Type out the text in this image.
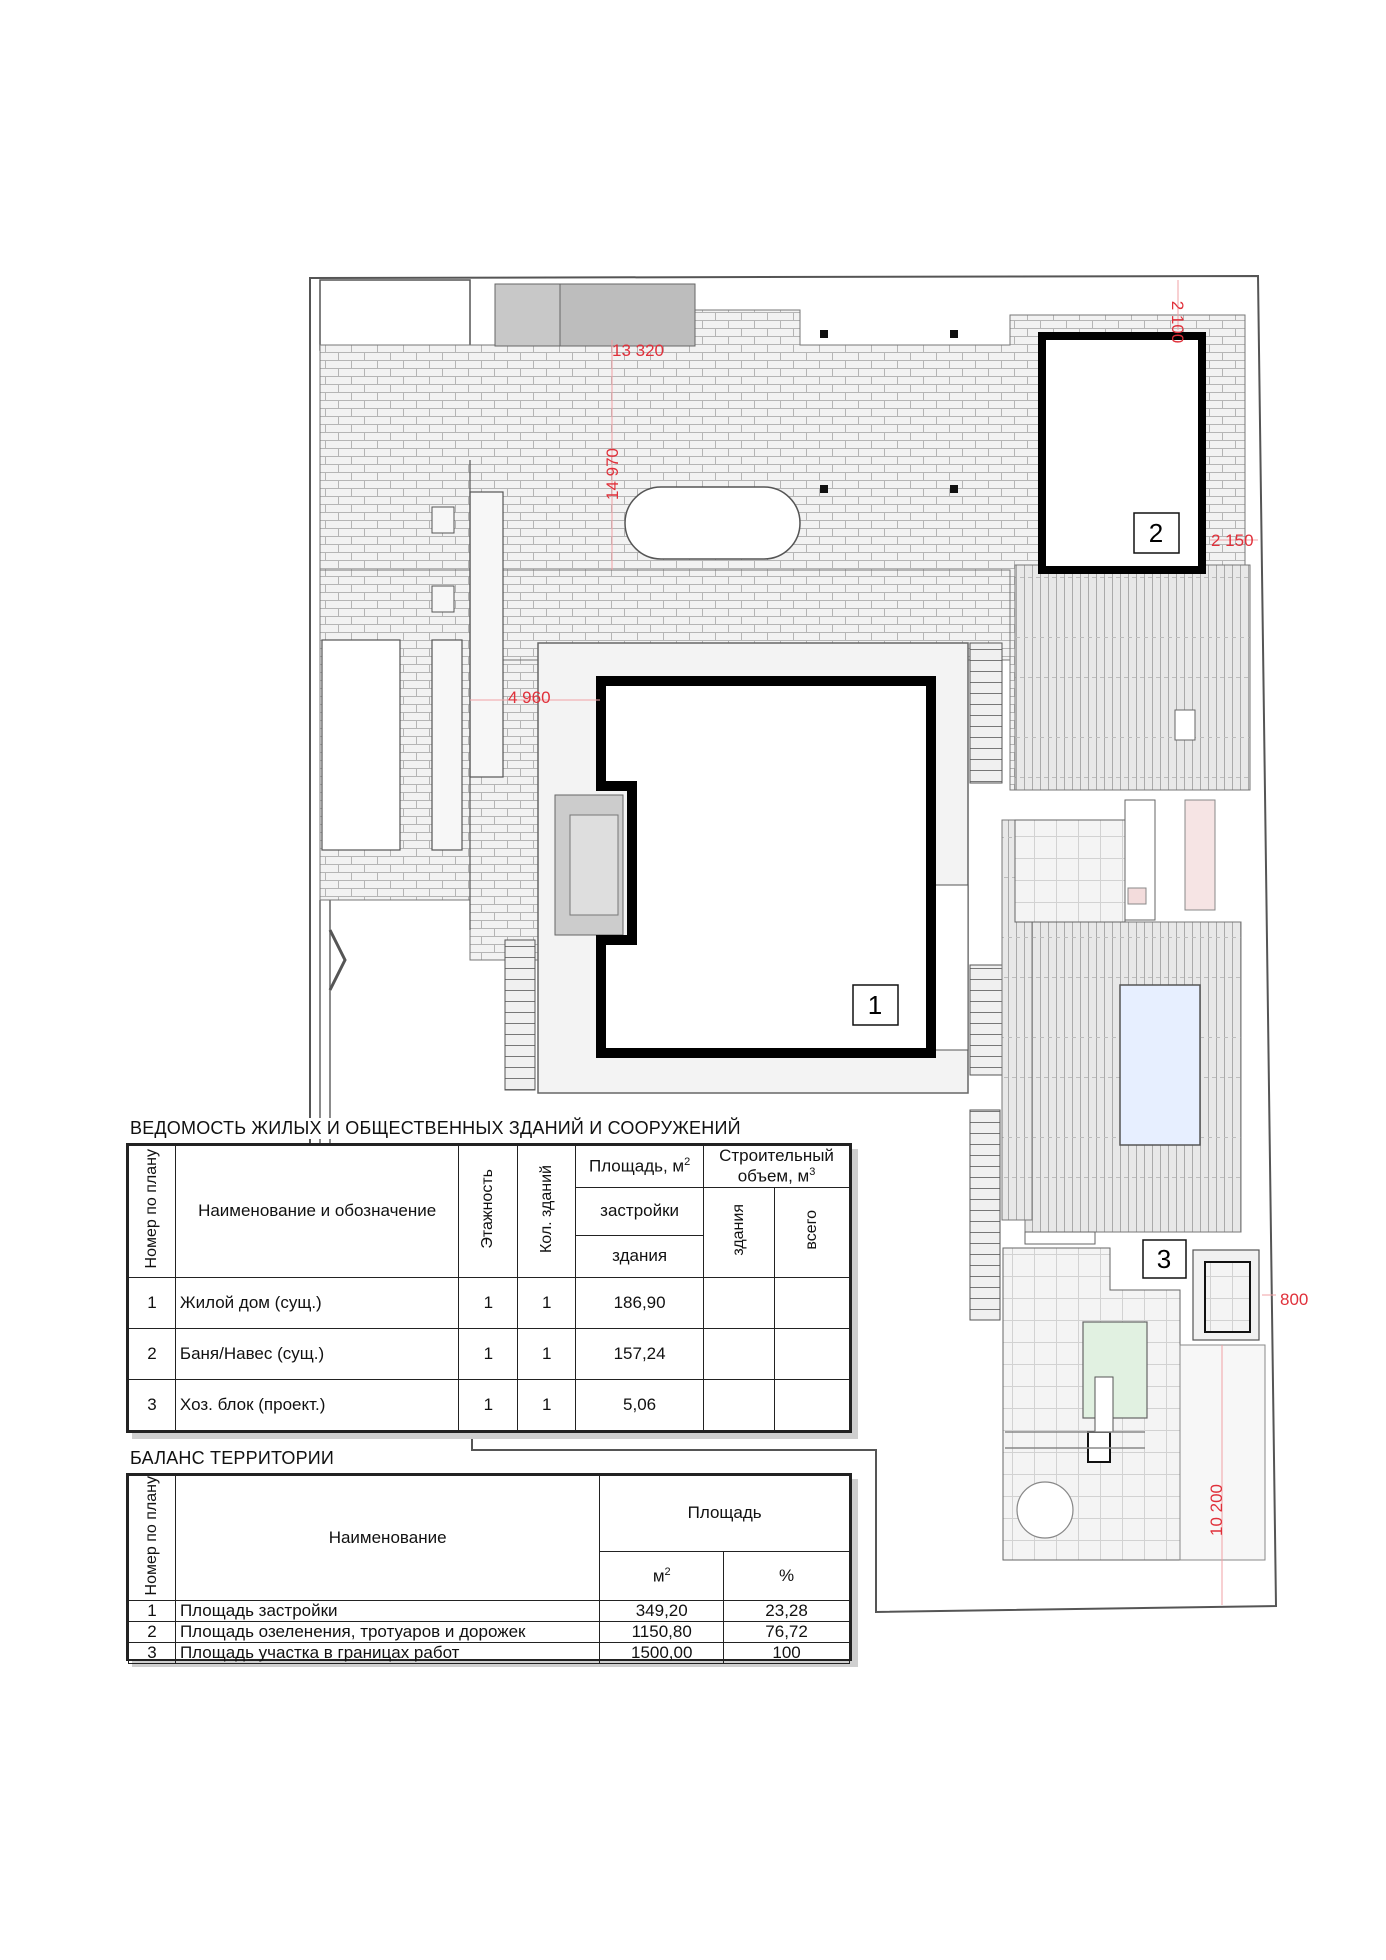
1
2
3
13 320
14 970
2 100
2 150
4 960
800
10 200
ВЕДОМОСТЬ ЖИЛЫХ И ОБЩЕСТВЕННЫХ ЗДАНИЙ И СООРУЖЕНИЙ
Номер по плану	Наименование и обозначение	Этажность	Кол. зданий	Площадь, $м^2$	Строительный объем, $м^3$
				застройки	здания	всего
				здания		
1	Жилой дом (сущ.)	1	1	186,90		
2	Баня/Навес (сущ.)	1	1	157,24		
3	Хоз. блок (проект.)	1	1	5,06		
БАЛАНС ТЕРРИТОРИИ
Номер по плану	Наименование	Площадь	
		$м^2$	%
1	Площадь застройки	349,20	23,28
2	Площадь озеленения, тротуаров и дорожек	1150,80	76,72
3	Площадь участка в границах работ	1500,00	100
